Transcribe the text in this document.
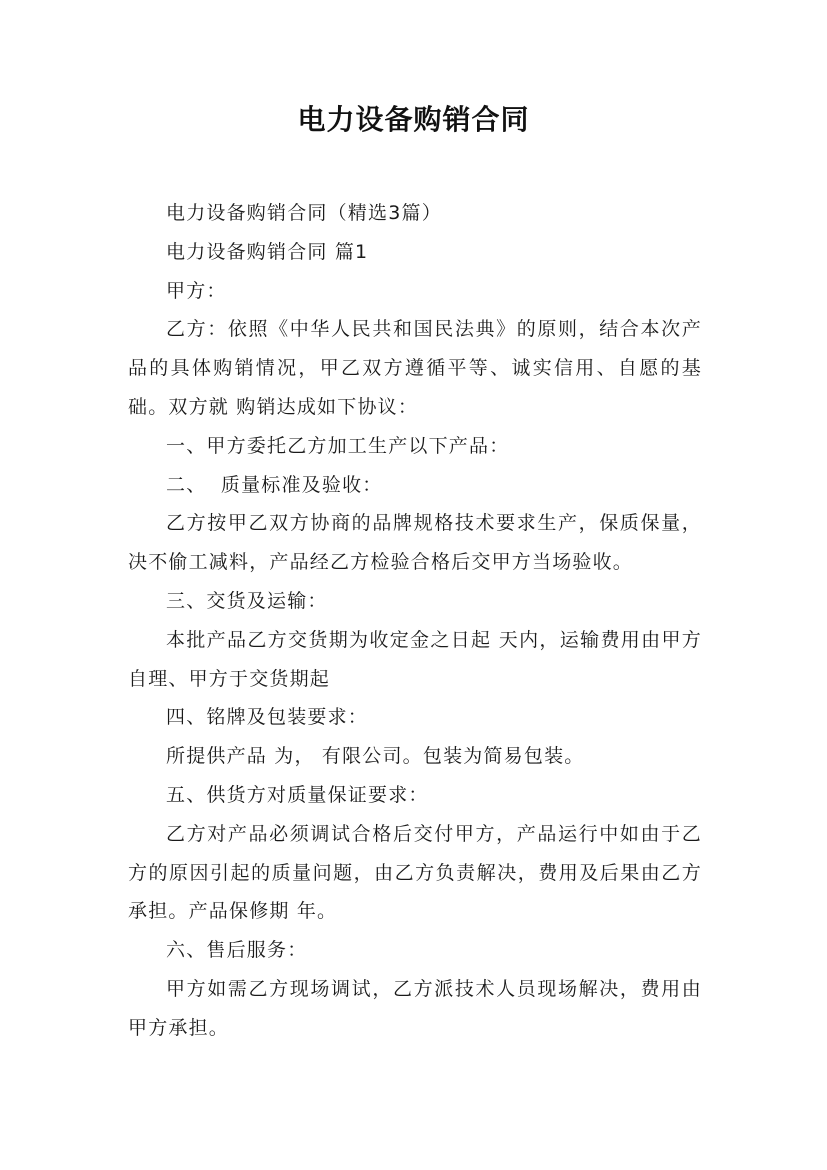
电力设备购销合同

电力设备购销合同（精选3篇）

电力设备购销合同 篇1

甲方：

乙方：依照《中华人民共和国民法典》的原则，结合本次产品的具体购销情况，甲乙双方遵循平等、诚实信用、自愿的基础。双方就 购销达成如下协议：

一、甲方委托乙方加工生产以下产品：

二、  质量标准及验收：

乙方按甲乙双方协商的品牌规格技术要求生产，保质保量，决不偷工减料，产品经乙方检验合格后交甲方当场验收。

三、交货及运输：

本批产品乙方交货期为收定金之日起 天内，运输费用由甲方自理、甲方于交货期起

四、铭牌及包装要求：

所提供产品 为， 有限公司。包装为简易包装。

五、供货方对质量保证要求：

乙方对产品必须调试合格后交付甲方，产品运行中如由于乙方的原因引起的质量问题，由乙方负责解决，费用及后果由乙方承担。产品保修期 年。

六、售后服务：

甲方如需乙方现场调试，乙方派技术人员现场解决，费用由甲方承担。
